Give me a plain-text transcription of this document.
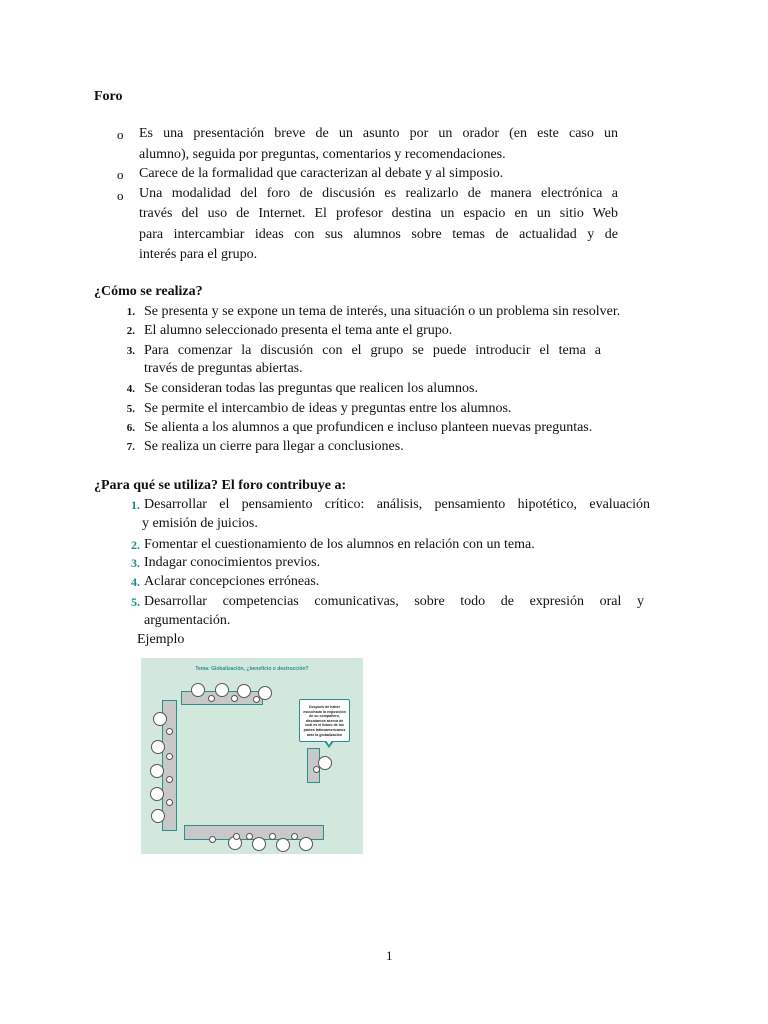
Foro
o Es una presentación breve de un asunto por un orador (en este caso un
alumno), seguida por preguntas, comentarios y recomendaciones.
o Carece de la formalidad que caracterizan al debate y al simposio.
o Una modalidad del foro de discusión es realizarlo de manera electrónica a
través del uso de Internet. El profesor destina un espacio en un sitio Web
para intercambiar ideas con sus alumnos sobre temas de actualidad y de
interés para el grupo.
¿Cómo se realiza?
1. Se presenta y se expone un tema de interés, una situación o un problema sin resolver.
2. El alumno seleccionado presenta el tema ante el grupo.
3. Para comenzar la discusión con el grupo se puede introducir el tema a
través de preguntas abiertas.
4. Se consideran todas las preguntas que realicen los alumnos.
5. Se permite el intercambio de ideas y preguntas entre los alumnos.
6. Se alienta a los alumnos a que profundicen e incluso planteen nuevas preguntas.
7. Se realiza un cierre para llegar a conclusiones.
¿Para qué se utiliza? El foro contribuye a:
1. Desarrollar el pensamiento crítico: análisis, pensamiento hipotético, evaluación
y emisión de juicios.
2. Fomentar el cuestionamiento de los alumnos en relación con un tema.
3. Indagar conocimientos previos.
4. Aclarar concepciones erróneas.
5. Desarrollar competencias comunicativas, sobre todo de expresión oral y
argumentación.
Ejemplo
Tema: Globalización, ¿beneficio o destrucción?
Después de haber escuchado la exposición de su compañero, discutamos acerca de cuál es el futuro de los países latinoamericanos ante la globalización
1
